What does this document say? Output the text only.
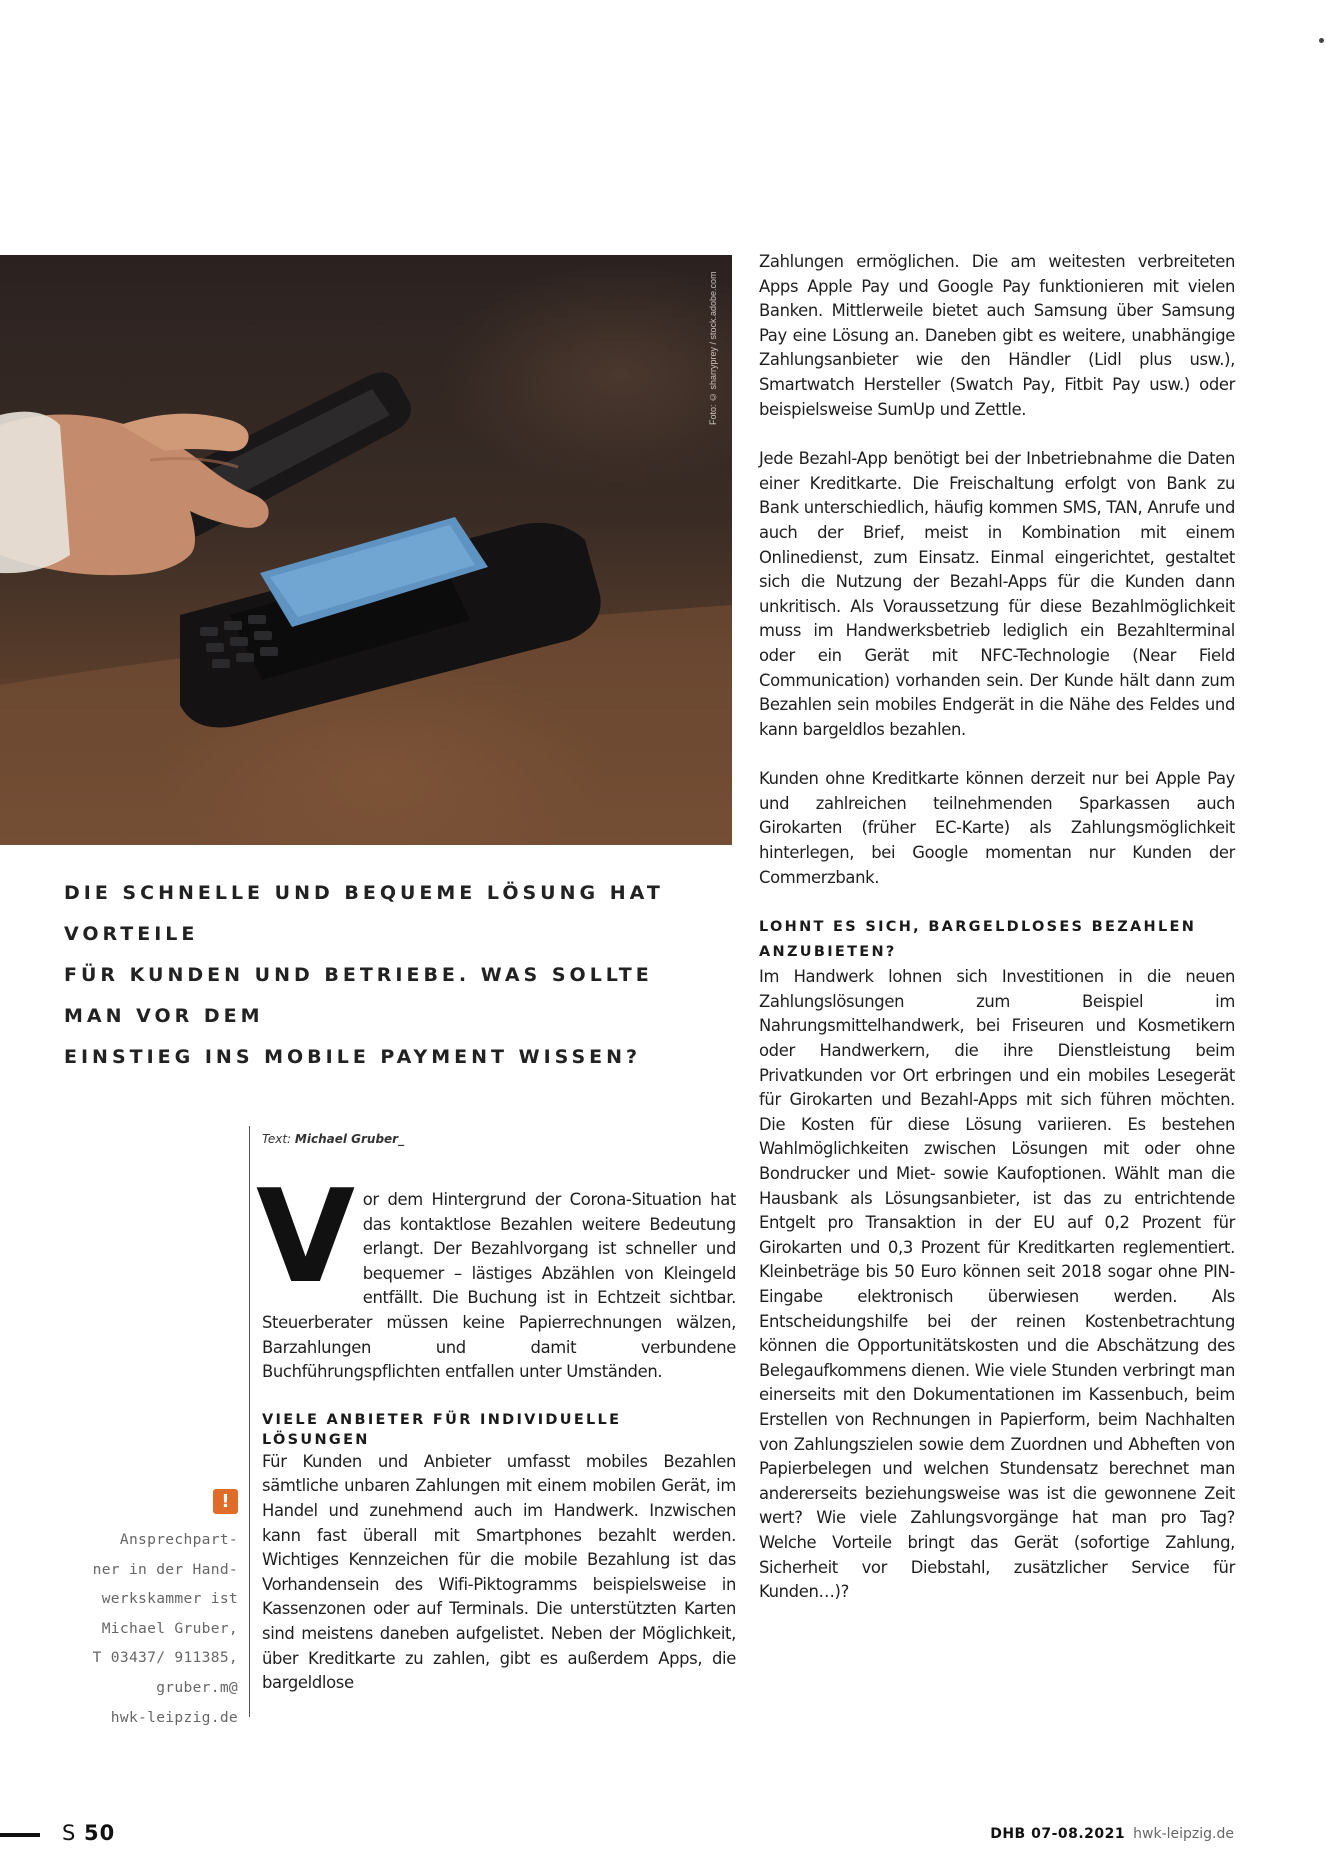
Foto: © sharryprey / stock.adobe.com
DIE SCHNELLE UND BEQUEME LÖSUNG HAT VORTEILE
FÜR KUNDEN UND BETRIEBE. WAS SOLLTE MAN VOR DEM
EINSTIEG INS MOBILE PAYMENT WISSEN?
Text: Michael Gruber_

Vor dem Hintergrund der Corona-Situation hat das kontaktlose Bezahlen weitere Bedeutung erlangt. Der Bezahlvorgang ist schneller und bequemer – lästiges Abzählen von Kleingeld entfällt. Die Buchung ist in Echtzeit sichtbar. Steuerberater müssen keine Papierrechnungen wälzen, Barzahlungen und damit verbundene Buchführungspflichten entfallen unter Umständen.

VIELE ANBIETER FÜR INDIVIDUELLE LÖSUNGEN

Für Kunden und Anbieter umfasst mobiles Bezahlen sämtliche unbaren Zahlungen mit einem mobilen Gerät, im Handel und zunehmend auch im Handwerk. Inzwischen kann fast überall mit Smartphones bezahlt werden. Wichtiges Kennzeichen für die mobile Bezahlung ist das Vorhandensein des Wifi-Piktogramms beispielsweise in Kassenzonen oder auf Terminals. Die unterstützten Karten sind meistens daneben aufgelistet. Neben der Möglichkeit, über Kreditkarte zu zahlen, gibt es außerdem Apps, die bargeldlose

!
Ansprechpart-
ner in der Hand-
werkskammer ist
Michael Gruber,
T 03437/ 911385,
gruber.m@
hwk-leipzig.de

Zahlungen ermöglichen. Die am weitesten verbreiteten Apps Apple Pay und Google Pay funktionieren mit vielen Banken. Mittlerweile bietet auch Samsung über Samsung Pay eine Lösung an. Daneben gibt es weitere, unabhängige Zahlungsanbieter wie den Händler (Lidl plus usw.), Smartwatch Hersteller (Swatch Pay, Fitbit Pay usw.) oder beispielsweise SumUp und Zettle.

Jede Bezahl-App benötigt bei der Inbetriebnahme die Daten einer Kreditkarte. Die Freischaltung erfolgt von Bank zu Bank unterschiedlich, häufig kommen SMS, TAN, Anrufe und auch der Brief, meist in Kombination mit einem Onlinedienst, zum Einsatz. Einmal eingerichtet, gestaltet sich die Nutzung der Bezahl-Apps für die Kunden dann unkritisch. Als Voraussetzung für diese Bezahlmöglichkeit muss im Handwerksbetrieb lediglich ein Bezahlterminal oder ein Gerät mit NFC-Technologie (Near Field Communication) vorhanden sein. Der Kunde hält dann zum Bezahlen sein mobiles Endgerät in die Nähe des Feldes und kann bargeldlos bezahlen.

Kunden ohne Kreditkarte können derzeit nur bei Apple Pay und zahlreichen teilnehmenden Sparkassen auch Girokarten (früher EC-Karte) als Zahlungsmöglichkeit hinterlegen, bei Google momentan nur Kunden der Commerzbank.

LOHNT ES SICH, BARGELDLOSES BEZAHLEN ANZUBIETEN?

Im Handwerk lohnen sich Investitionen in die neuen Zahlungslösungen zum Beispiel im Nahrungsmittelhandwerk, bei Friseuren und Kosmetikern oder Handwerkern, die ihre Dienstleistung beim Privatkunden vor Ort erbringen und ein mobiles Lesegerät für Girokarten und Bezahl-Apps mit sich führen möchten. Die Kosten für diese Lösung variieren. Es bestehen Wahlmöglichkeiten zwischen Lösungen mit oder ohne Bondrucker und Miet- sowie Kaufoptionen. Wählt man die Hausbank als Lösungsanbieter, ist das zu entrichtende Entgelt pro Transaktion in der EU auf 0,2 Prozent für Girokarten und 0,3 Prozent für Kreditkarten reglementiert. Kleinbeträge bis 50 Euro können seit 2018 sogar ohne PIN-Eingabe elektronisch überwiesen werden. Als Entscheidungshilfe bei der reinen Kostenbetrachtung können die Opportunitätskosten und die Abschätzung des Belegaufkommens dienen. Wie viele Stunden verbringt man einerseits mit den Dokumentationen im Kassenbuch, beim Erstellen von Rechnungen in Papierform, beim Nachhalten von Zahlungszielen sowie dem Zuordnen und Abheften von Papierbelegen und welchen Stundensatz berechnet man andererseits beziehungsweise was ist die gewonnene Zeit wert? Wie viele Zahlungsvorgänge hat man pro Tag? Welche Vorteile bringt das Gerät (sofortige Zahlung, Sicherheit vor Diebstahl, zusätzlicher Service für Kunden…)?

S 50	DHB 07-08.2021 hwk-leipzig.de
